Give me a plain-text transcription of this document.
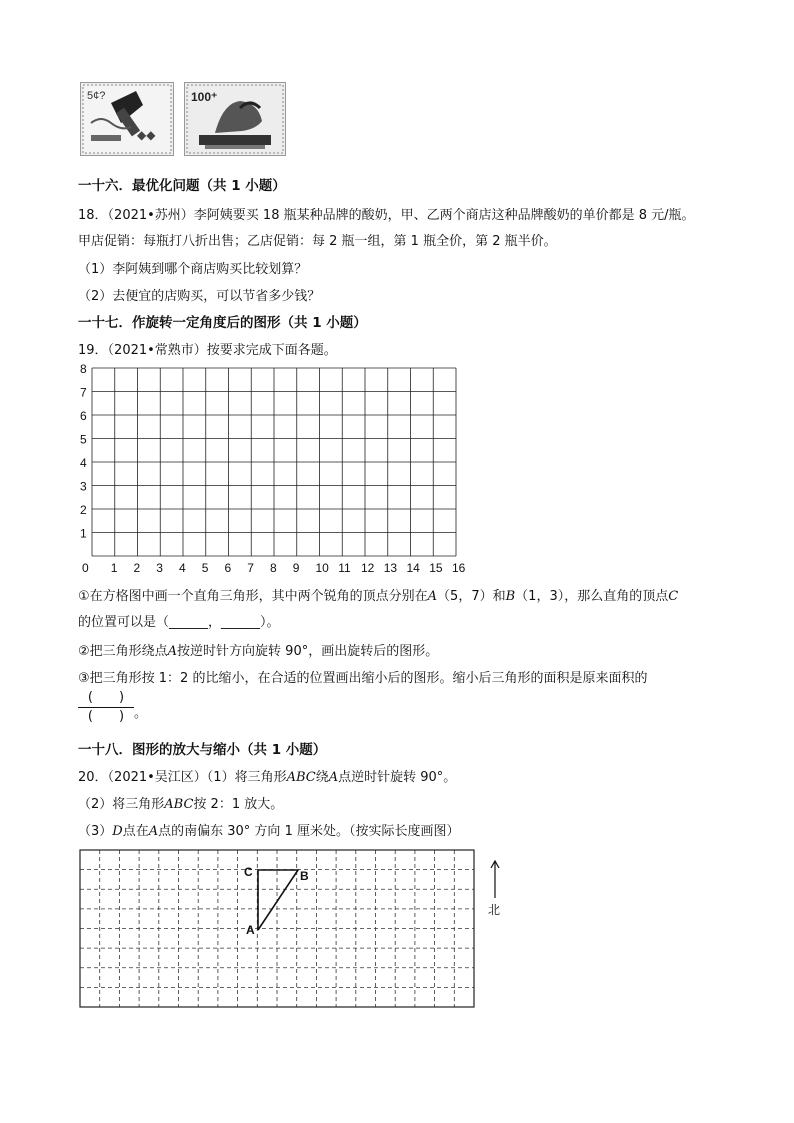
5¢?
◆◆
100⁺
一十六．最优化问题（共 1 小题）
18．（2021•苏州）李阿姨要买 18 瓶某种品牌的酸奶，甲、乙两个商店这种品牌酸奶的单价都是 8 元/瓶。
甲店促销：每瓶打八折出售；乙店促销：每 2 瓶一组，第 1 瓶全价，第 2 瓶半价。
（1）李阿姨到哪个商店购买比较划算？
（2）去便宜的店购买，可以节省多少钱？
一十七．作旋转一定角度后的图形（共 1 小题）
19．（2021•常熟市）按要求完成下面各题。
0 1 2 3 4 5 6 7 8 9 10 11 12 13 14 15 16
1
2
3
4
5
6
7
8
①在方格图中画一个直角三角形，其中两个锐角的顶点分别在A（5，7）和B（1，3），那么直角的顶点C
的位置可以是（______，______）。
②把三角形绕点A按逆时针方向旋转 90°，画出旋转后的图形。
③把三角形按 1：2 的比缩小，在合适的位置画出缩小后的图形。缩小后三角形的面积是原来面积的
(　　)
(　　) 。
一十八．图形的放大与缩小（共 1 小题）
20．（2021•吴江区）（1）将三角形ABC绕A点逆时针旋转 90°。
（2）将三角形ABC按 2：1 放大。
（3）D点在A点的南偏东 30° 方向 1 厘米处。（按实际长度画图）
C	B
A
北
